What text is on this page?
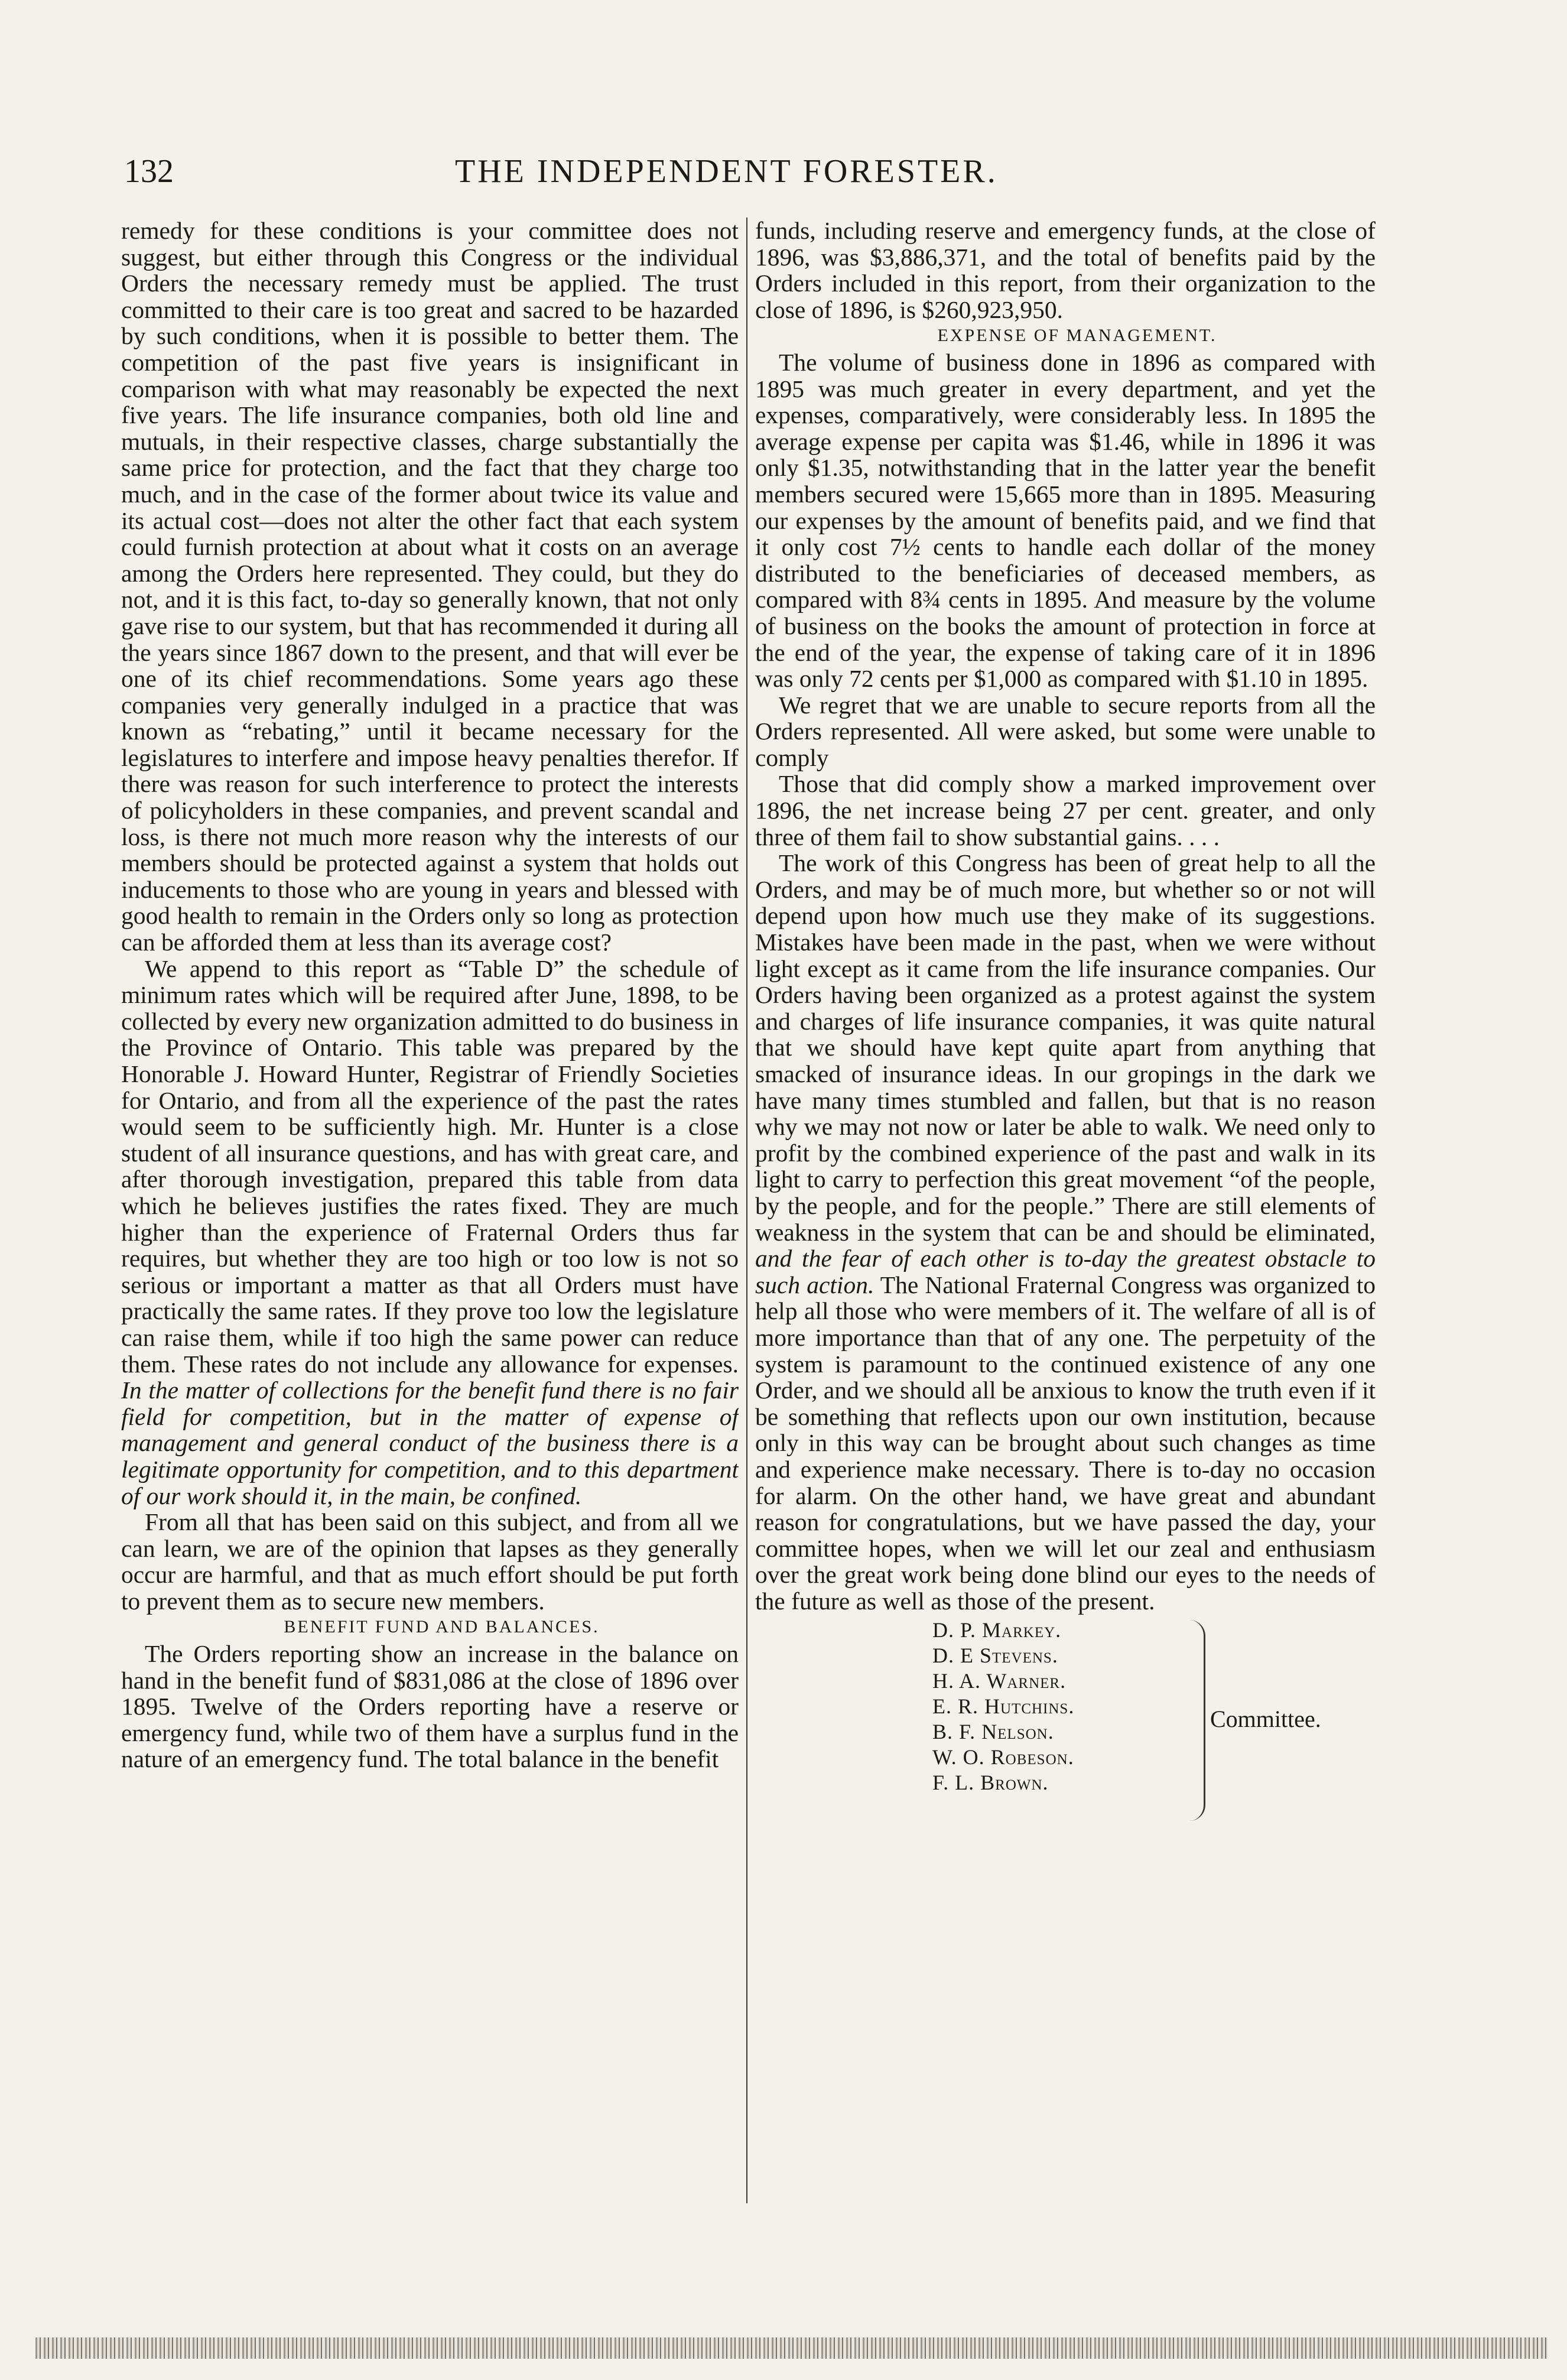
132	THE INDEPENDENT FORESTER.

remedy for these conditions is your committee does not suggest, but either through this Congress or the individual Orders the necessary remedy must be applied. The trust committed to their care is too great and sacred to be hazarded by such conditions, when it is possible to better them. The competition of the past five years is insignificant in comparison with what may reasonably be expected the next five years. The life insurance companies, both old line and mutuals, in their respective classes, charge substantially the same price for protection, and the fact that they charge too much, and in the case of the former about twice its value and its actual cost—does not alter the other fact that each system could furnish protection at about what it costs on an average among the Orders here represented. They could, but they do not, and it is this fact, to-day so generally known, that not only gave rise to our system, but that has recommended it during all the years since 1867 down to the present, and that will ever be one of its chief recommendations. Some years ago these companies very generally indulged in a practice that was known as “rebating,” until it became necessary for the legislatures to interfere and impose heavy penalties therefor. If there was reason for such interference to protect the interests of policyholders in these companies, and prevent scandal and loss, is there not much more reason why the interests of our members should be protected against a system that holds out inducements to those who are young in years and blessed with good health to remain in the Orders only so long as protection can be afforded them at less than its average cost?

We append to this report as “Table D” the schedule of minimum rates which will be required after June, 1898, to be collected by every new organization admitted to do business in the Province of Ontario. This table was prepared by the Honorable J. Howard Hunter, Registrar of Friendly Societies for Ontario, and from all the experience of the past the rates would seem to be sufficiently high. Mr. Hunter is a close student of all insurance questions, and has with great care, and after thorough investigation, prepared this table from data which he believes justifies the rates fixed. They are much higher than the experience of Fraternal Orders thus far requires, but whether they are too high or too low is not so serious or important a matter as that all Orders must have practically the same rates. If they prove too low the legislature can raise them, while if too high the same power can reduce them. These rates do not include any allowance for expenses. In the matter of collections for the benefit fund there is no fair field for competition, but in the matter of expense of management and general conduct of the business there is a legitimate opportunity for competition, and to this department of our work should it, in the main, be confined.

From all that has been said on this subject, and from all we can learn, we are of the opinion that lapses as they generally occur are harmful, and that as much effort should be put forth to prevent them as to secure new members.

BENEFIT FUND AND BALANCES.

The Orders reporting show an increase in the balance on hand in the benefit fund of $831,086 at the close of 1896 over 1895. Twelve of the Orders reporting have a reserve or emergency fund, while two of them have a surplus fund in the nature of an emergency fund. The total balance in the benefit

funds, including reserve and emergency funds, at the close of 1896, was $3,886,371, and the total of benefits paid by the Orders included in this report, from their organization to the close of 1896, is $260,923,950.

EXPENSE OF MANAGEMENT.

The volume of business done in 1896 as compared with 1895 was much greater in every department, and yet the expenses, comparatively, were considerably less. In 1895 the average expense per capita was $1.46, while in 1896 it was only $1.35, notwithstanding that in the latter year the benefit members secured were 15,665 more than in 1895. Measuring our expenses by the amount of benefits paid, and we find that it only cost 7½ cents to handle each dollar of the money distributed to the beneficiaries of deceased members, as compared with 8¾ cents in 1895. And measure by the volume of business on the books the amount of protection in force at the end of the year, the expense of taking care of it in 1896 was only 72 cents per $1,000 as compared with $1.10 in 1895.

We regret that we are unable to secure reports from all the Orders represented. All were asked, but some were unable to comply

Those that did comply show a marked improvement over 1896, the net increase being 27 per cent. greater, and only three of them fail to show substantial gains. . . .

The work of this Congress has been of great help to all the Orders, and may be of much more, but whether so or not will depend upon how much use they make of its suggestions. Mistakes have been made in the past, when we were without light except as it came from the life insurance companies. Our Orders having been organized as a protest against the system and charges of life insurance companies, it was quite natural that we should have kept quite apart from anything that smacked of insurance ideas. In our gropings in the dark we have many times stumbled and fallen, but that is no reason why we may not now or later be able to walk. We need only to profit by the combined experience of the past and walk in its light to carry to perfection this great movement “of the people, by the people, and for the people.” There are still elements of weakness in the system that can be and should be eliminated, and the fear of each other is to-day the greatest obstacle to such action. The National Fraternal Congress was organized to help all those who were members of it. The welfare of all is of more importance than that of any one. The perpetuity of the system is paramount to the continued existence of any one Order, and we should all be anxious to know the truth even if it be something that reflects upon our own institution, because only in this way can be brought about such changes as time and experience make necessary. There is to-day no occasion for alarm. On the other hand, we have great and abundant reason for congratulations, but we have passed the day, your committee hopes, when we will let our zeal and enthusiasm over the great work being done blind our eyes to the needs of the future as well as those of the present.

D. P. Markey.
D. E Stevens.
H. A. Warner.
E. R. Hutchins.
B. F. Nelson.
W. O. Robeson.
F. L. Brown.
Committee.
